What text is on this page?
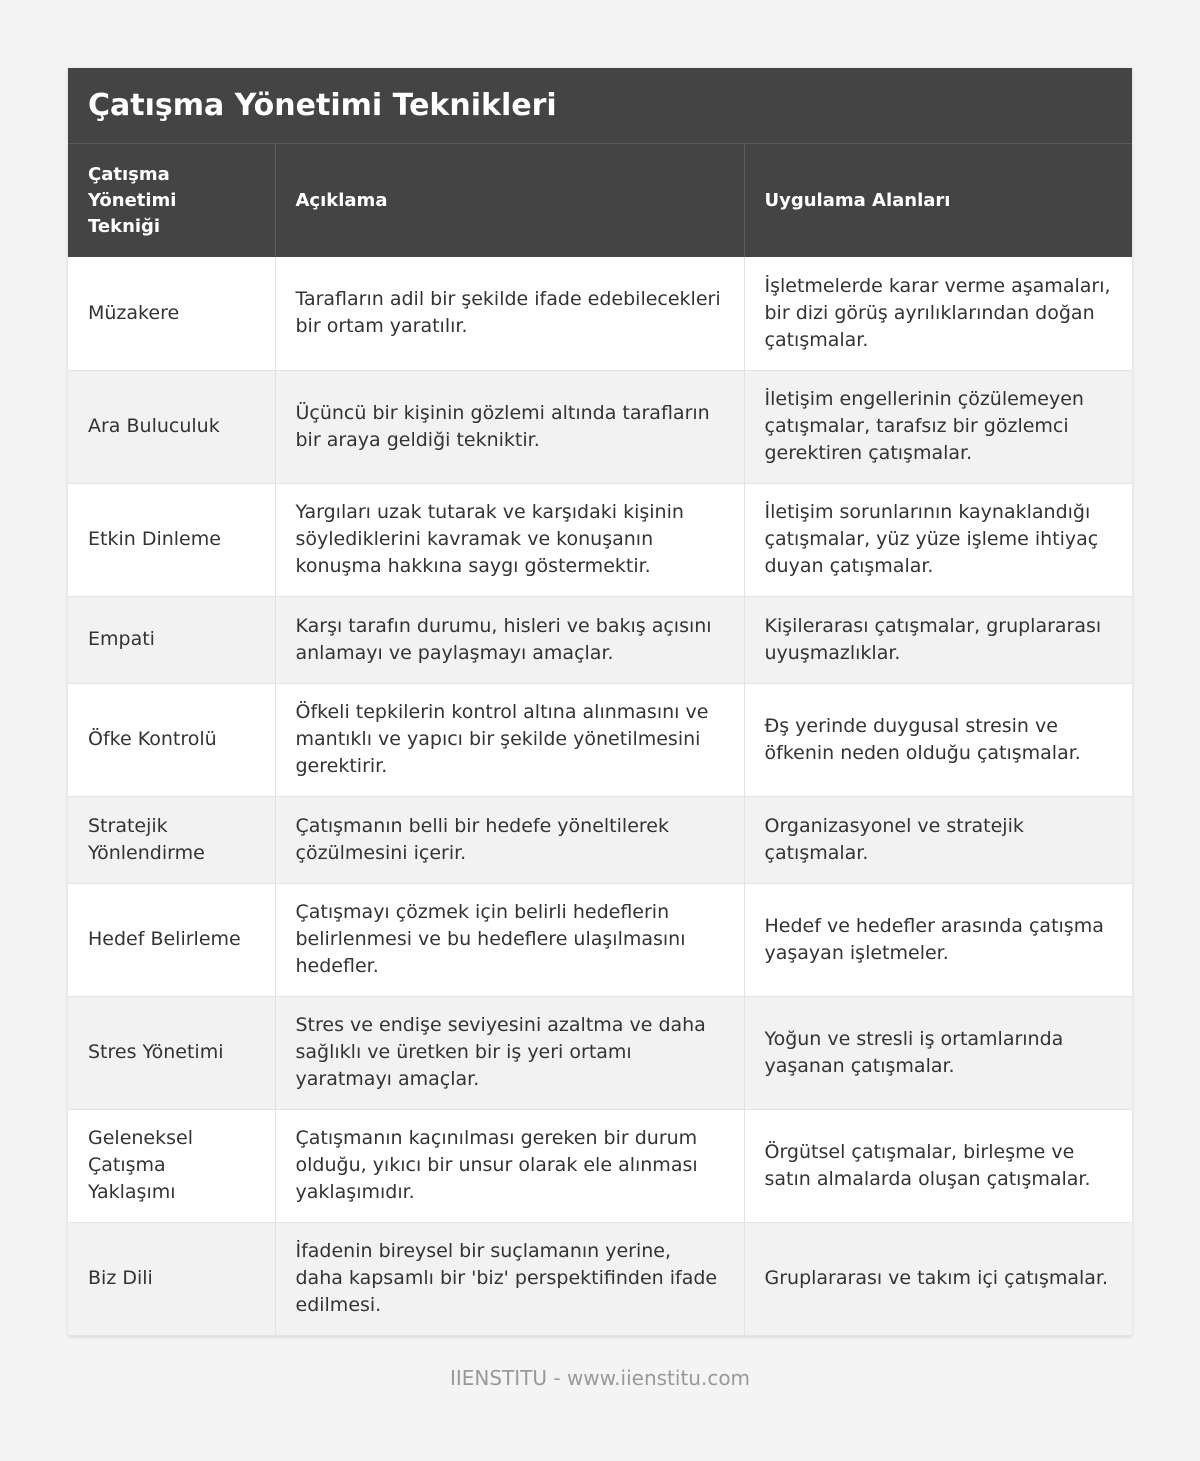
Çatışma Yönetimi Teknikleri
Çatışma Yönetimi Tekniği	Açıklama	Uygulama Alanları
Müzakere	Tarafların adil bir şekilde ifade edebilecekleri bir ortam yaratılır.	İşletmelerde karar verme aşamaları, bir dizi görüş ayrılıklarından doğan çatışmalar.
Ara Buluculuk	Üçüncü bir kişinin gözlemi altında tarafların bir araya geldiği tekniktir.	İletişim engellerinin çözülemeyen çatışmalar, tarafsız bir gözlemci gerektiren çatışmalar.
Etkin Dinleme	Yargıları uzak tutarak ve karşıdaki kişinin söylediklerini kavramak ve konuşanın konuşma hakkına saygı göstermektir.	İletişim sorunlarının kaynaklandığı çatışmalar, yüz yüze işleme ihtiyaç duyan çatışmalar.
Empati	Karşı tarafın durumu, hisleri ve bakış açısını anlamayı ve paylaşmayı amaçlar.	Kişilerarası çatışmalar, gruplararası uyuşmazlıklar.
Öfke Kontrolü	Öfkeli tepkilerin kontrol altına alınmasını ve mantıklı ve yapıcı bir şekilde yönetilmesini gerektirir.	Ðş yerinde duygusal stresin ve öfkenin neden olduğu çatışmalar.
Stratejik Yönlendirme	Çatışmanın belli bir hedefe yöneltilerek çözülmesini içerir.	Organizasyonel ve stratejik çatışmalar.
Hedef Belirleme	Çatışmayı çözmek için belirli hedeflerin belirlenmesi ve bu hedeflere ulaşılmasını hedefler.	Hedef ve hedefler arasında çatışma yaşayan işletmeler.
Stres Yönetimi	Stres ve endişe seviyesini azaltma ve daha sağlıklı ve üretken bir iş yeri ortamı yaratmayı amaçlar.	Yoğun ve stresli iş ortamlarında yaşanan çatışmalar.
Geleneksel Çatışma Yaklaşımı	Çatışmanın kaçınılması gereken bir durum olduğu, yıkıcı bir unsur olarak ele alınması yaklaşımıdır.	Örgütsel çatışmalar, birleşme ve satın almalarda oluşan çatışmalar.
Biz Dili	İfadenin bireysel bir suçlamanın yerine, daha kapsamlı bir 'biz' perspektifinden ifade edilmesi.	Gruplararası ve takım içi çatışmalar.
IIENSTITU - www.iienstitu.com
